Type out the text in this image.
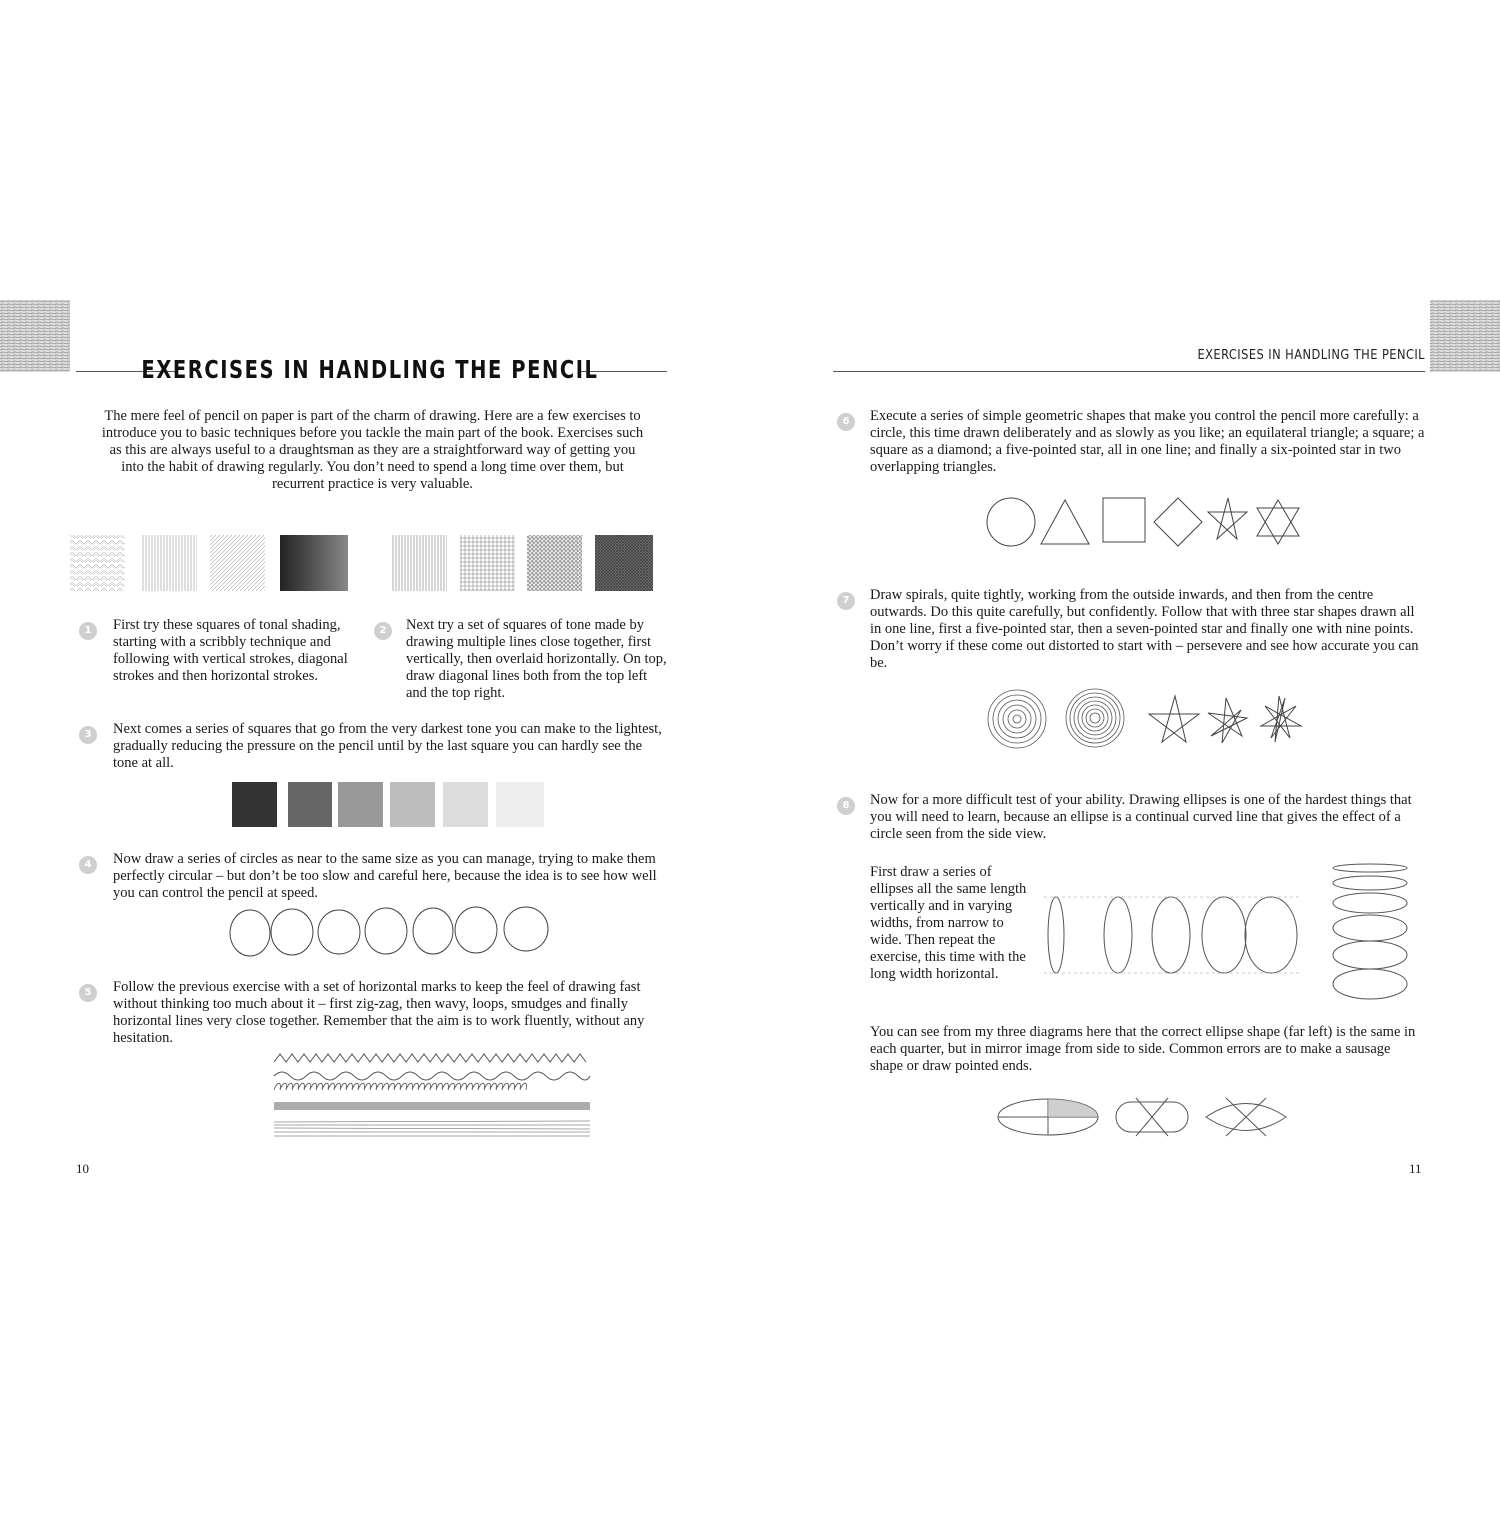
EXERCISES IN HANDLING THE PENCIL

The mere feel of pencil on paper is part of the charm of drawing. Here are a few exercises to introduce you to basic techniques before you tackle the main part of the book. Exercises such as this are always useful to a draughtsman as they are a straightforward way of getting you into the habit of drawing regularly. You don’t need to spend a long time over them, but recurrent practice is very valuable.

1	First try these squares of tonal shading, starting with a scribbly technique and following with vertical strokes, diagonal strokes and then horizontal strokes.

2	Next try a set of squares of tone made by drawing multiple lines close together, first vertically, then overlaid horizontally. On top, draw diagonal lines both from the top left and the top right.

3	Next comes a series of squares that go from the very darkest tone you can make to the lightest, gradually reducing the pressure on the pencil until by the last square you can hardly see the tone at all.

4	Now draw a series of circles as near to the same size as you can manage, trying to make them perfectly circular – but don’t be too slow and careful here, because the idea is to see how well you can control the pencil at speed.

5	Follow the previous exercise with a set of horizontal marks to keep the feel of drawing fast without thinking too much about it – first zig-zag, then wavy, loops, smudges and finally horizontal lines very close together. Remember that the aim is to work fluently, without any hesitation.

10
EXERCISES IN HANDLING THE PENCIL
6	Execute a series of simple geometric shapes that make you control the pencil more carefully: a circle, this time drawn deliberately and as slowly as you like; an equilateral triangle; a square; a square as a diamond; a five-pointed star, all in one line; and finally a six-pointed star in two overlapping triangles.

7	Draw spirals, quite tightly, working from the outside inwards, and then from the centre outwards. Do this quite carefully, but confidently. Follow that with three star shapes drawn all in one line, first a five-pointed star, then a seven-pointed star and finally one with nine points. Don’t worry if these come out distorted to start with – persevere and see how accurate you can be.

8	Now for a more difficult test of your ability. Drawing ellipses is one of the hardest things that you will need to learn, because an ellipse is a continual curved line that gives the effect of a circle seen from the side view.

First draw a series of ellipses all the same length vertically and in varying widths, from narrow to wide. Then repeat the exercise, this time with the long width horizontal.

You can see from my three diagrams here that the correct ellipse shape (far left) is the same in each quarter, but in mirror image from side to side. Common errors are to make a sausage shape or draw pointed ends.

11
